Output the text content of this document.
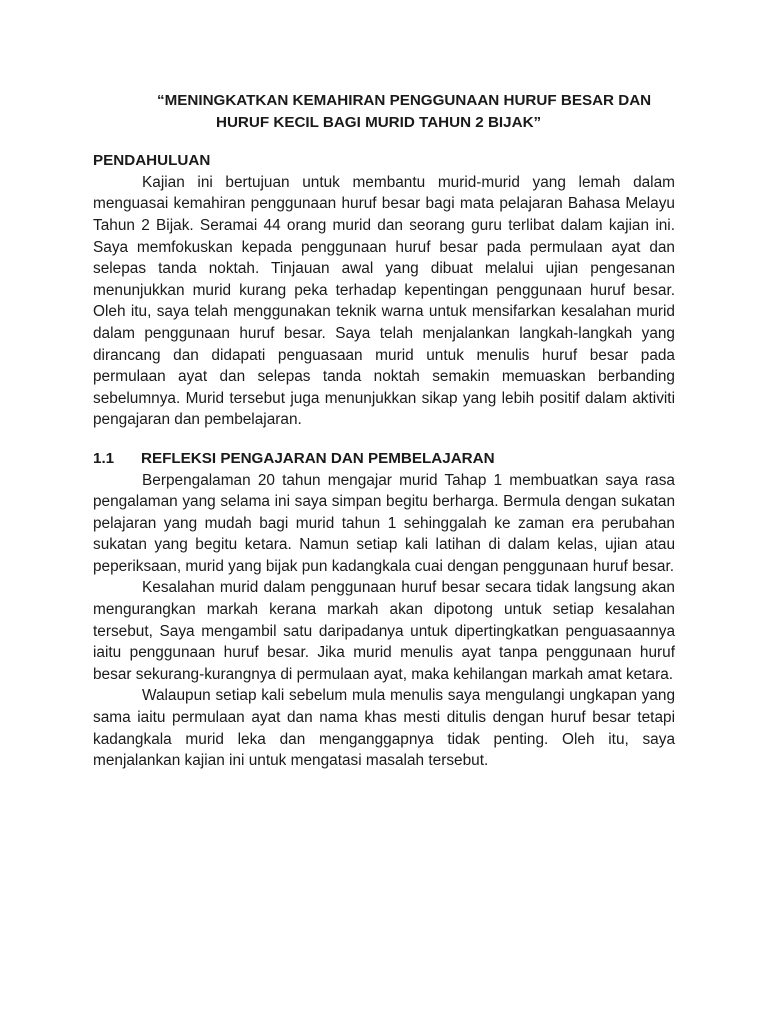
“MENINGKATKAN KEMAHIRAN PENGGUNAAN HURUF BESAR DAN
HURUF KECIL BAGI MURID TAHUN 2 BIJAK”
PENDAHULUAN

Kajian ini bertujuan untuk membantu murid-murid yang lemah dalam menguasai kemahiran penggunaan huruf besar bagi mata pelajaran Bahasa Melayu Tahun 2 Bijak. Seramai 44 orang murid dan seorang guru terlibat dalam kajian ini. Saya memfokuskan kepada penggunaan huruf besar pada permulaan ayat dan selepas tanda noktah. Tinjauan awal yang dibuat melalui ujian pengesanan menunjukkan murid kurang peka terhadap kepentingan penggunaan huruf besar. Oleh itu, saya telah menggunakan teknik warna untuk mensifarkan kesalahan murid dalam penggunaan huruf besar. Saya telah menjalankan langkah-langkah yang dirancang dan didapati penguasaan murid untuk menulis huruf besar pada permulaan ayat dan selepas tanda noktah semakin memuaskan berbanding sebelumnya. Murid tersebut juga menunjukkan sikap yang lebih positif dalam aktiviti pengajaran dan pembelajaran.

1.1 REFLEKSI PENGAJARAN DAN PEMBELAJARAN

Berpengalaman 20 tahun mengajar murid Tahap 1 membuatkan saya rasa pengalaman yang selama ini saya simpan begitu berharga. Bermula dengan sukatan pelajaran yang mudah bagi murid tahun 1 sehinggalah ke zaman era perubahan sukatan yang begitu ketara. Namun setiap kali latihan di dalam kelas, ujian atau peperiksaan, murid yang bijak pun kadangkala cuai dengan penggunaan huruf besar.

Kesalahan murid dalam penggunaan huruf besar secara tidak langsung akan mengurangkan markah kerana markah akan dipotong untuk setiap kesalahan tersebut, Saya mengambil satu daripadanya untuk dipertingkatkan penguasaannya iaitu penggunaan huruf besar. Jika murid menulis ayat tanpa penggunaan huruf besar sekurang-kurangnya di permulaan ayat, maka kehilangan markah amat ketara.

Walaupun setiap kali sebelum mula menulis saya mengulangi ungkapan yang sama iaitu permulaan ayat dan nama khas mesti ditulis dengan huruf besar tetapi kadangkala murid leka dan menganggapnya tidak penting. Oleh itu, saya menjalankan kajian ini untuk mengatasi masalah tersebut.
